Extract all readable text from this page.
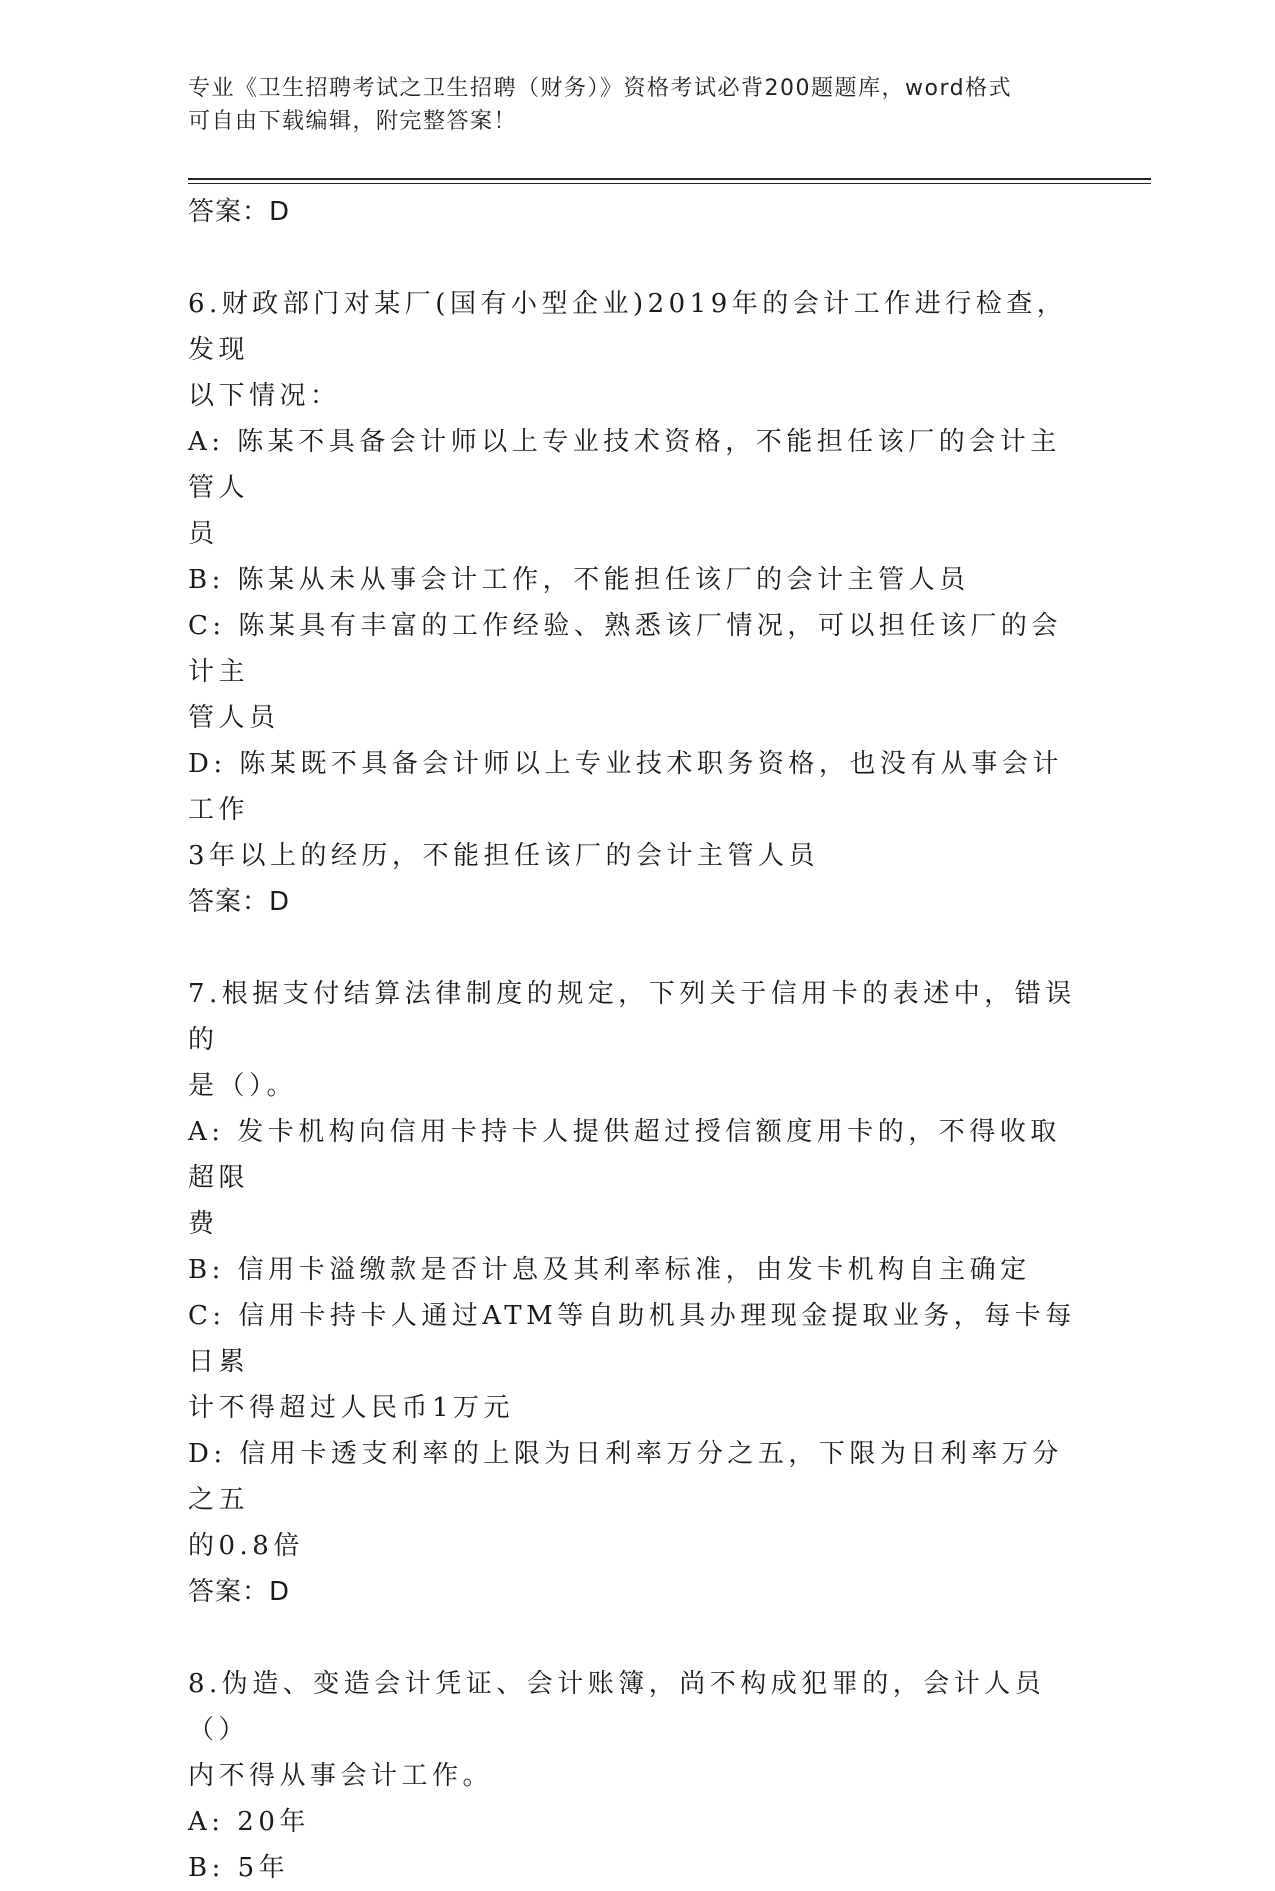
专业《卫生招聘考试之卫生招聘（财务）》资格考试必背200题题库，word格式
可自由下载编辑，附完整答案！

答案：D

6.财政部门对某厂(国有小型企业)2019年的会计工作进行检查，发现

以下情况：

A: 陈某不具备会计师以上专业技术资格，不能担任该厂的会计主管人

员

B: 陈某从未从事会计工作，不能担任该厂的会计主管人员

C: 陈某具有丰富的工作经验、熟悉该厂情况，可以担任该厂的会计主

管人员

D: 陈某既不具备会计师以上专业技术职务资格，也没有从事会计工作

3年以上的经历，不能担任该厂的会计主管人员

答案：D

7.根据支付结算法律制度的规定，下列关于信用卡的表述中，错误的

是（）。

A: 发卡机构向信用卡持卡人提供超过授信额度用卡的，不得收取超限

费

B: 信用卡溢缴款是否计息及其利率标准，由发卡机构自主确定

C: 信用卡持卡人通过ATM等自助机具办理现金提取业务，每卡每日累

计不得超过人民币1万元

D: 信用卡透支利率的上限为日利率万分之五，下限为日利率万分之五

的0.8倍

答案：D

8.伪造、变造会计凭证、会计账簿，尚不构成犯罪的，会计人员（）

内不得从事会计工作。

A: 20年

B: 5年
